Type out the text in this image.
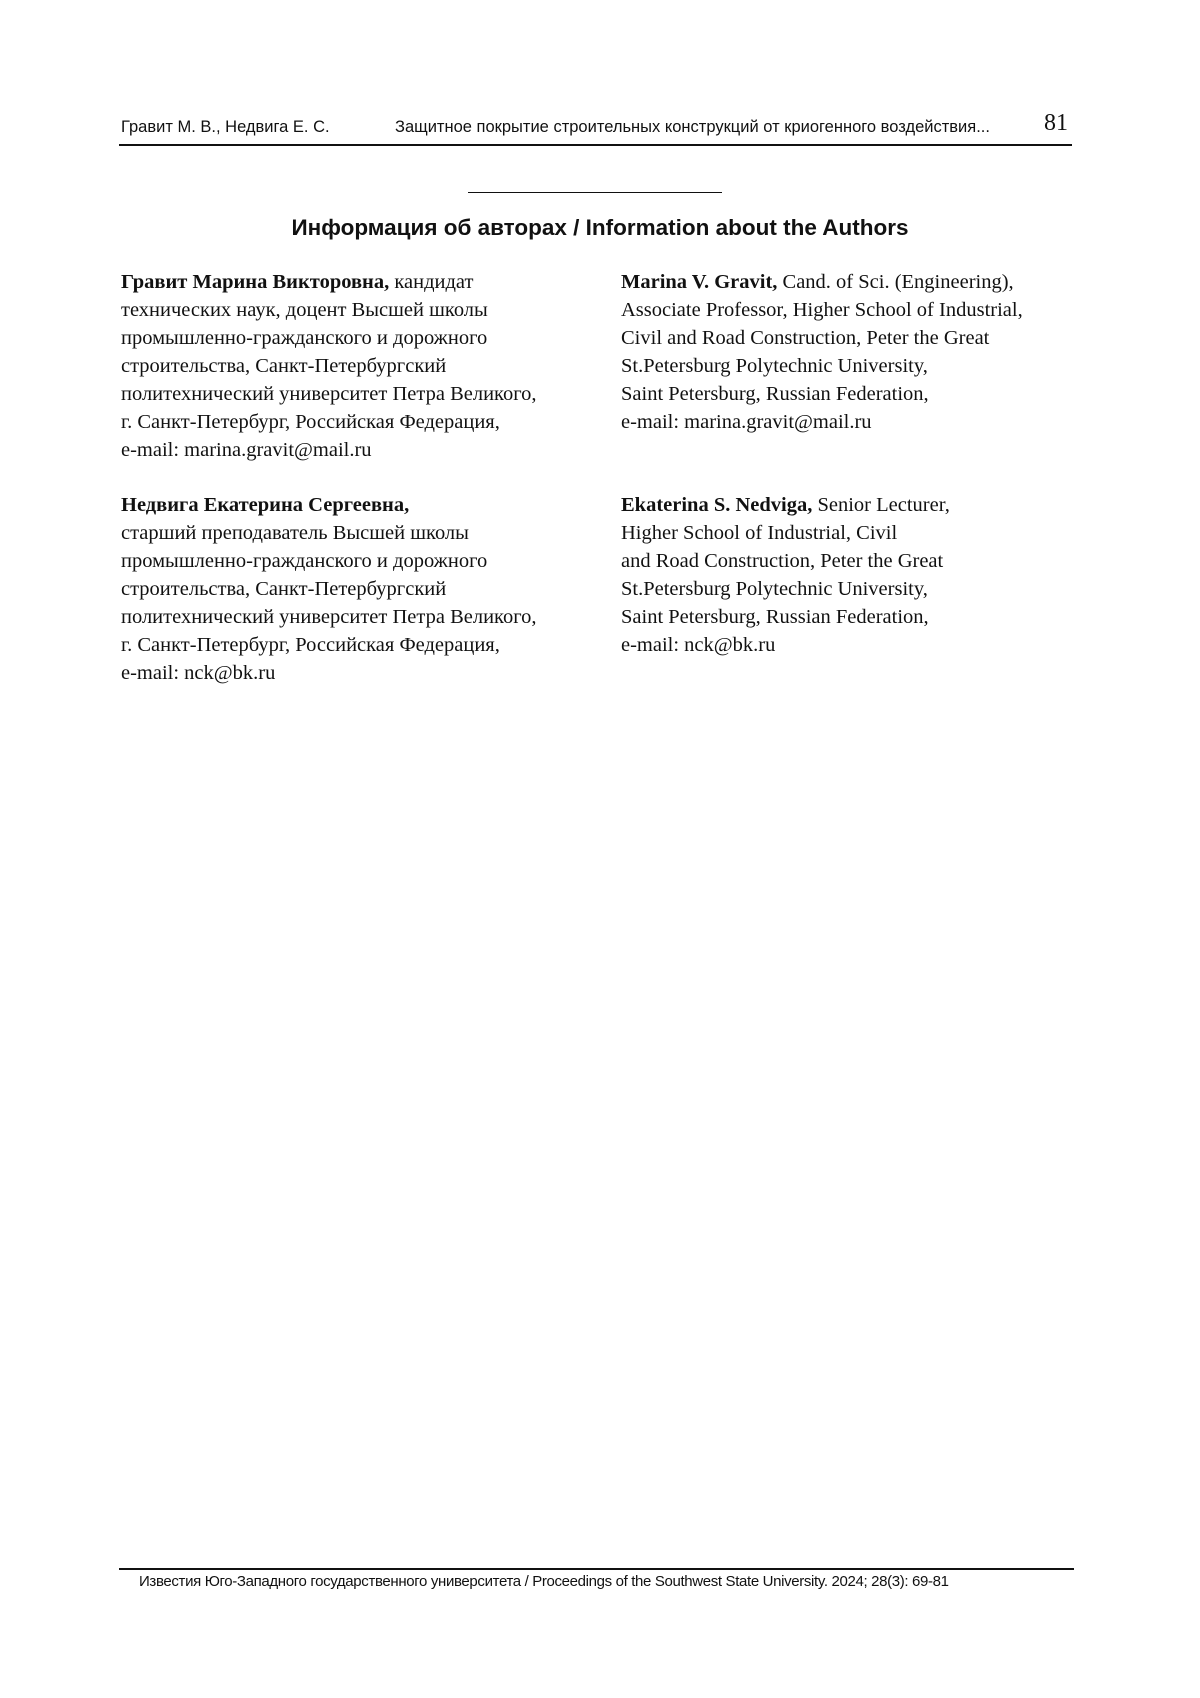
Гравит М. В., Недвига Е. С.	Защитное покрытие строительных конструкций от криогенного воздействия... 81
Информация об авторах / Information about the Authors
Гравит Марина Викторовна, кандидат
технических наук, доцент Высшей школы
промышленно-гражданского и дорожного
строительства, Санкт-Петербургский
политехнический университет Петра Великого,
г. Санкт-Петербург, Российская Федерация,
e-mail: marina.gravit@mail.ru
Marina V. Gravit, Cand. of Sci. (Engineering),
Associate Professor, Higher School of Industrial,
Civil and Road Construction, Peter the Great
St.Petersburg Polytechnic University,
Saint Petersburg, Russian Federation,
e-mail: marina.gravit@mail.ru
Недвига Екатерина Сергеевна,
старший преподаватель Высшей школы
промышленно-гражданского и дорожного
строительства, Санкт-Петербургский
политехнический университет Петра Великого,
г. Санкт-Петербург, Российская Федерация,
e-mail: nck@bk.ru
Ekaterina S. Nedviga, Senior Lecturer,
Higher School of Industrial, Civil
and Road Construction, Peter the Great
St.Petersburg Polytechnic University,
Saint Petersburg, Russian Federation,
e-mail: nck@bk.ru
Известия Юго-Западного государственного университета / Proceedings of the Southwest State University. 2024; 28(3): 69-81
